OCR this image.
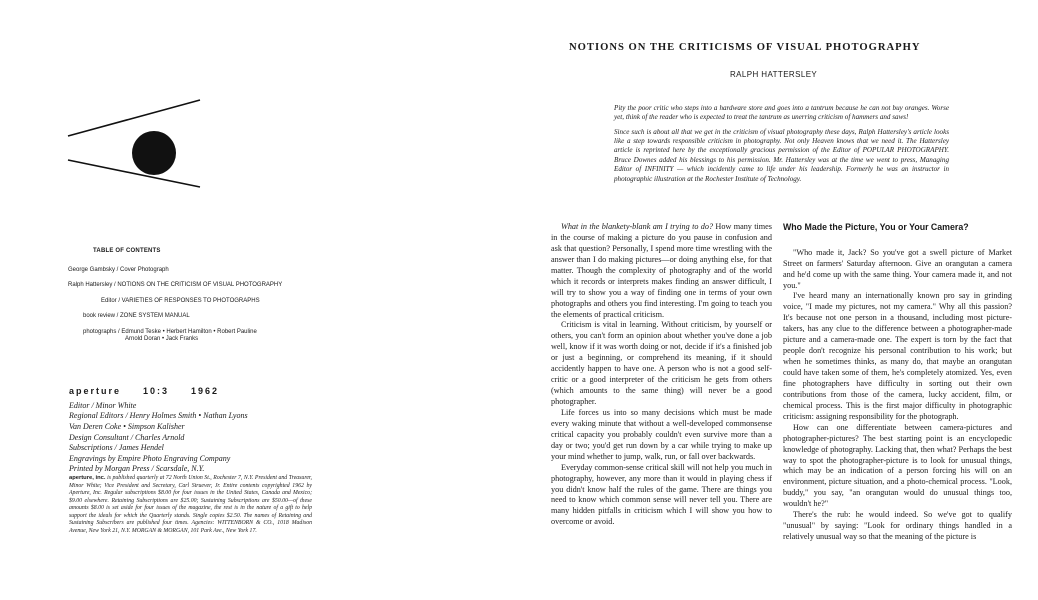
TABLE OF CONTENTS
George Gambsky / Cover Photograph
Ralph Hattersley / NOTIONS ON THE CRITICISM OF VISUAL PHOTOGRAPHY
Editor / VARIETIES OF RESPONSES TO PHOTOGRAPHS
book review / ZONE SYSTEM MANUAL
photographs / Edmund Teske • Herbert Hamilton • Robert Pauline
Arnold Doran • Jack Franks
aperture 10:3 1962
Editor / Minor White
Regional Editors / Henry Holmes Smith • Nathan Lyons
Van Deren Coke • Simpson Kalisher
Design Consultant / Charles Arnold
Subscriptions / James Hendel
Engravings by Empire Photo Engraving Company
Printed by Morgan Press / Scarsdale, N.Y.
aperture, inc. is published quarterly at 72 North Union St., Rochester 7, N.Y. President and Treasurer, Minor White; Vice President and Secretary, Carl Struever, Jr. Entire contents copyrighted 1962 by Aperture, Inc. Regular subscriptions $8.00 for four issues in the United States, Canada and Mexico; $9.00 elsewhere. Retaining Subscriptions are $25.00; Sustaining Subscriptions are $50.00—of these amounts $8.00 is set aside for four issues of the magazine, the rest is in the nature of a gift to help support the ideals for which the Quarterly stands. Single copies $2.50. The names of Retaining and Sustaining Subscribers are published four times. Agencies: WITTENBORN & CO., 1018 Madison Avenue, New York 21, N.Y. MORGAN & MORGAN, 101 Park Ave., New York 17.
NOTIONS ON THE CRITICISMS OF VISUAL PHOTOGRAPHY
RALPH HATTERSLEY

Pity the poor critic who steps into a hardware store and goes into a tantrum because he can not buy oranges. Worse yet, think of the reader who is expected to treat the tantrum as unerring criticism of hammers and saws!

Since such is about all that we get in the criticism of visual photography these days, Ralph Hattersley's article looks like a step towards responsible criticism in photography. Not only Heaven knows that we need it. The Hattersley article is reprinted here by the exceptionally gracious permission of the Editor of POPULAR PHOTOGRAPHY. Bruce Downes added his blessings to his permission. Mr. Hattersley was at the time we went to press, Managing Editor of INFINITY — which incidently came to life under his leadership. Formerly he was an instructor in photographic illustration at the Rochester Institute of Technology.

What in the blankety-blank am I trying to do? How many times in the course of making a picture do you pause in confusion and ask that question? Personally, I spend more time wrestling with the answer than I do making pictures—or doing anything else, for that matter. Though the complexity of photography and of the world which it records or interprets makes finding an answer difficult, I will try to show you a way of finding one in terms of your own photographs and others you find interesting. I'm going to teach you the elements of practical criticism.

Criticism is vital in learning. Without criticism, by yourself or others, you can't form an opinion about whether you've done a job well, know if it was worth doing or not, decide if it's a finished job or just a beginning, or comprehend its meaning, if it should accidently happen to have one. A person who is not a good self-critic or a good interpreter of the criticism he gets from others (which amounts to the same thing) will never be a good photographer.

Life forces us into so many decisions which must be made every waking minute that without a well-developed commonsense critical capacity you probably couldn't even survive more than a day or two; you'd get run down by a car while trying to make up your mind whether to jump, walk, run, or fall over backwards.

Everyday common-sense critical skill will not help you much in photography, however, any more than it would in playing chess if you didn't know half the rules of the game. There are things you need to know which common sense will never tell you. There are many hidden pitfalls in criticism which I will show you how to overcome or avoid.

Who Made the Picture, You or Your Camera?

"Who made it, Jack? So you've got a swell picture of Market Street on farmers' Saturday afternoon. Give an orangutan a camera and he'd come up with the same thing. Your camera made it, and not you."

I've heard many an internationally known pro say in grinding voice, "I made my pictures, not my camera." Why all this passion? It's because not one person in a thousand, including most picture-takers, has any clue to the difference between a photographer-made picture and a camera-made one. The expert is torn by the fact that people don't recognize his personal contribution to his work; but when he sometimes thinks, as many do, that maybe an orangutan could have taken some of them, he's completely atomized. Yes, even fine photographers have difficulty in sorting out their own contributions from those of the camera, lucky accident, film, or chemical process. This is the first major difficulty in photographic criticism: assigning responsibility for the photograph.

How can one differentiate between camera-pictures and photographer-pictures? The best starting point is an encyclopedic knowledge of photography. Lacking that, then what? Perhaps the best way to spot the photographer-picture is to look for unusual things, which may be an indication of a person forcing his will on an environment, picture situation, and a photo-chemical process. "Look, buddy," you say, "an orangutan would do unusual things too, wouldn't he?"

There's the rub: he would indeed. So we've got to qualify "unusual" by saying: "Look for ordinary things handled in a relatively unusual way so that the meaning of the picture is
